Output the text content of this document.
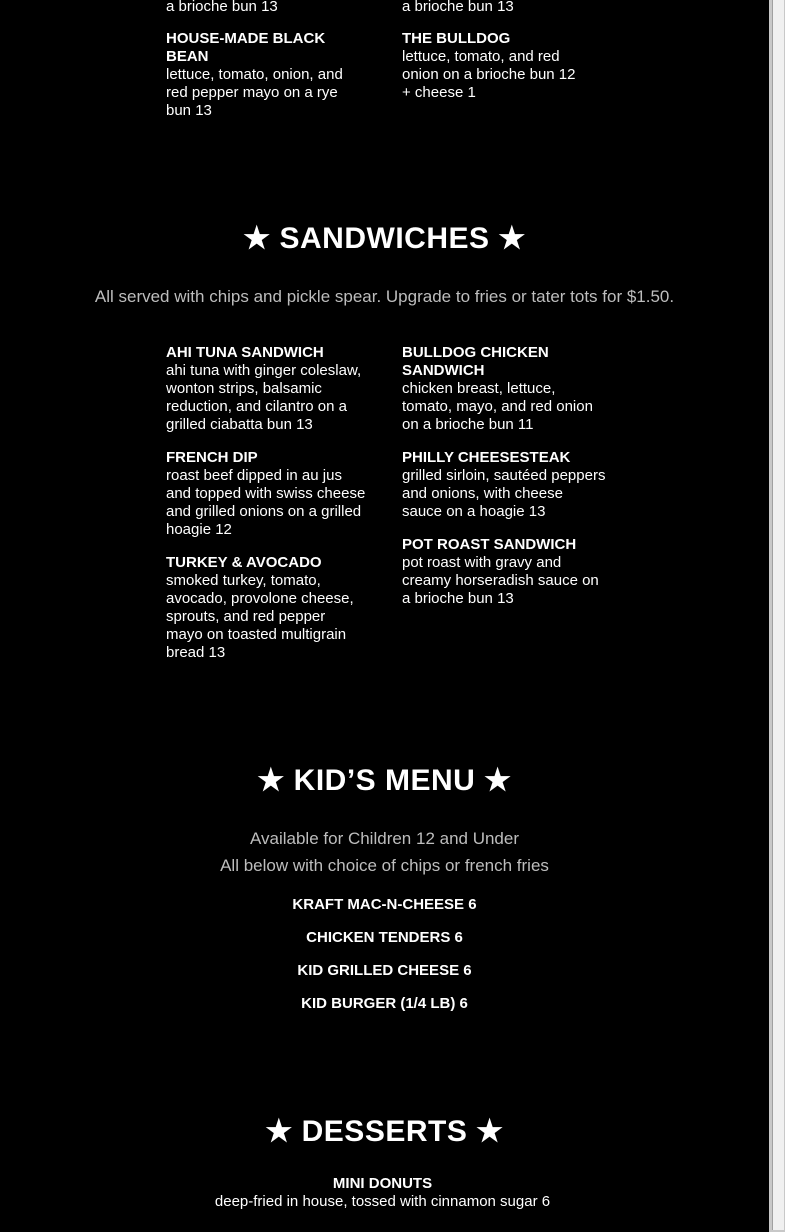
a brioche bun 13	a brioche bun 13
HOUSE-MADE BLACK BEAN
lettuce, tomato, onion, and red pepper mayo on a rye bun 13
THE BULLDOG
lettuce, tomato, and red onion on a brioche bun 12 + cheese 1
★ SANDWICHES ★
All served with chips and pickle spear. Upgrade to fries or tater tots for $1.50.
AHI TUNA SANDWICH
ahi tuna with ginger coleslaw, wonton strips, balsamic reduction, and cilantro on a grilled ciabatta bun 13
FRENCH DIP
roast beef dipped in au jus and topped with swiss cheese and grilled onions on a grilled hoagie 12
TURKEY & AVOCADO
smoked turkey, tomato, avocado, provolone cheese, sprouts, and red pepper mayo on toasted multigrain bread 13
BULLDOG CHICKEN SANDWICH
chicken breast, lettuce, tomato, mayo, and red onion on a brioche bun 11
PHILLY CHEESESTEAK
grilled sirloin, sautéed peppers and onions, with cheese sauce on a hoagie 13
POT ROAST SANDWICH
pot roast with gravy and creamy horseradish sauce on a brioche bun 13
★ KID’S MENU ★
Available for Children 12 and Under
All below with choice of chips or french fries
KRAFT MAC-N-CHEESE 6
CHICKEN TENDERS 6
KID GRILLED CHEESE 6
KID BURGER (1/4 LB) 6
★ DESSERTS ★
MINI DONUTS
deep-fried in house, tossed with cinnamon sugar 6
